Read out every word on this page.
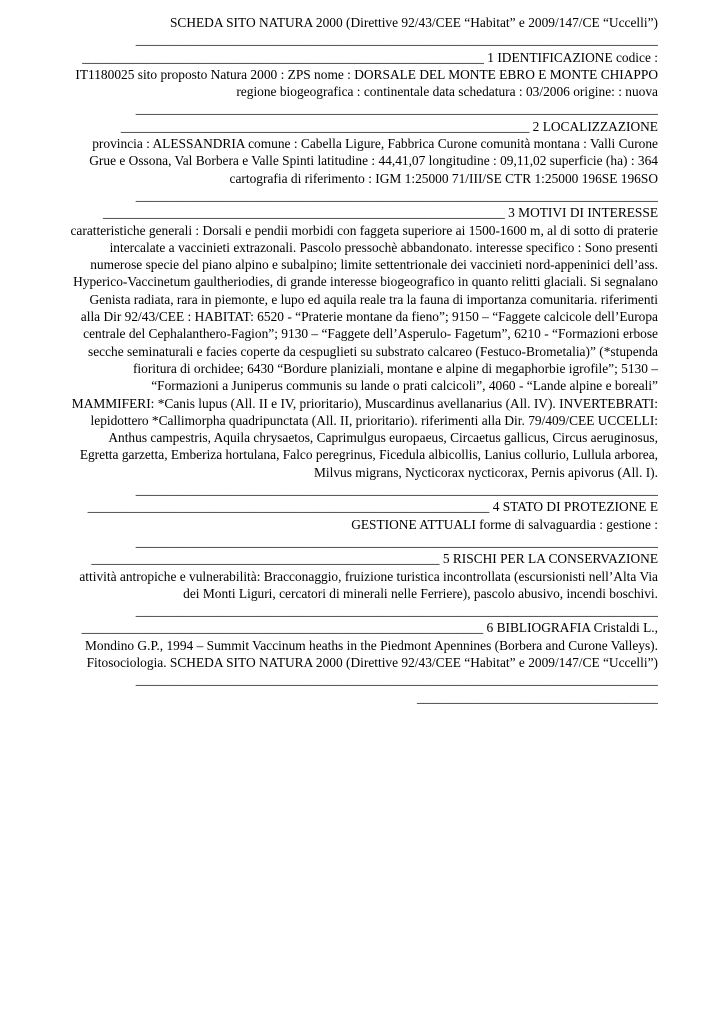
SCHEDA SITO NATURA 2000 (Direttive 92/43/CEE “Habitat” e 2009/147/CE “Uccelli”)

______________________________________________________________________________

____________________________________________________________ 1 IDENTIFICAZIONE codice : IT1180025 sito proposto Natura 2000 : ZPS nome : DORSALE DEL MONTE EBRO E MONTE CHIAPPO regione biogeografica : continentale data schedatura : 03/2006 origine: : nuova

______________________________________________________________________________

_____________________________________________________________ 2 LOCALIZZAZIONE provincia : ALESSANDRIA comune : Cabella Ligure, Fabbrica Curone comunità montana : Valli Curone Grue e Ossona, Val Borbera e Valle Spinti latitudine : 44,41,07 longitudine : 09,11,02 superficie (ha) : 364 cartografia di riferimento : IGM 1:25000 71/III/SE CTR 1:25000 196SE 196SO

______________________________________________________________________________

____________________________________________________________ 3 MOTIVI DI INTERESSE caratteristiche generali : Dorsali e pendii morbidi con faggeta superiore ai 1500-1600 m, al di sotto di praterie intercalate a vaccinieti extrazonali. Pascolo pressochè abbandonato. interesse specifico : Sono presenti numerose specie del piano alpino e subalpino; limite settentrionale dei vaccinieti nord-appeninici dell’ass. Hyperico-Vaccinetum gaultheriodies, di grande interesse biogeografico in quanto relitti glaciali. Si segnalano Genista radiata, rara in piemonte, e lupo ed aquila reale tra la fauna di importanza comunitaria. riferimenti alla Dir 92/43/CEE : HABITAT: 6520 - “Praterie montane da fieno”; 9150 – “Faggete calcicole dell’Europa centrale del Cephalanthero-Fagion”; 9130 – “Faggete dell’Asperulo- Fagetum”, 6210 - “Formazioni erbose secche seminaturali e facies coperte da cespuglieti su substrato calcareo (Festuco-Brometalia)” (*stupenda fioritura di orchidee; 6430 “Bordure planiziali, montane e alpine di megaphorbie igrofile”; 5130 – “Formazioni a Juniperus communis su lande o prati calcicoli”, 4060 - “Lande alpine e boreali” MAMMIFERI: *Canis lupus (All. II e IV, prioritario), Muscardinus avellanarius (All. IV). INVERTEBRATI: lepidottero *Callimorpha quadripunctata (All. II, prioritario). riferimenti alla Dir. 79/409/CEE UCCELLI: Anthus campestris, Aquila chrysaetos, Caprimulgus europaeus, Circaetus gallicus, Circus aeruginosus, Egretta garzetta, Emberiza hortulana, Falco peregrinus, Ficedula albicollis, Lanius collurio, Lullula arborea, Milvus migrans, Nycticorax nycticorax, Pernis apivorus (All. I).

______________________________________________________________________________

____________________________________________________________ 4 STATO DI PROTEZIONE E GESTIONE ATTUALI forme di salvaguardia : gestione :

______________________________________________________________________________

____________________________________________________ 5 RISCHI PER LA CONSERVAZIONE attività antropiche e vulnerabilità: Bracconaggio, fruizione turistica incontrollata (escursionisti nell’Alta Via dei Monti Liguri, cercatori di minerali nelle Ferriere), pascolo abusivo, incendi boschivi.

______________________________________________________________________________

____________________________________________________________ 6 BIBLIOGRAFIA Cristaldi L., Mondino G.P., 1994 – Summit Vaccinum heaths in the Piedmont Apennines (Borbera and Curone Valleys). Fitosociologia. SCHEDA SITO NATURA 2000 (Direttive 92/43/CEE “Habitat” e 2009/147/CE “Uccelli”)

______________________________________________________________________________

____________________________________
